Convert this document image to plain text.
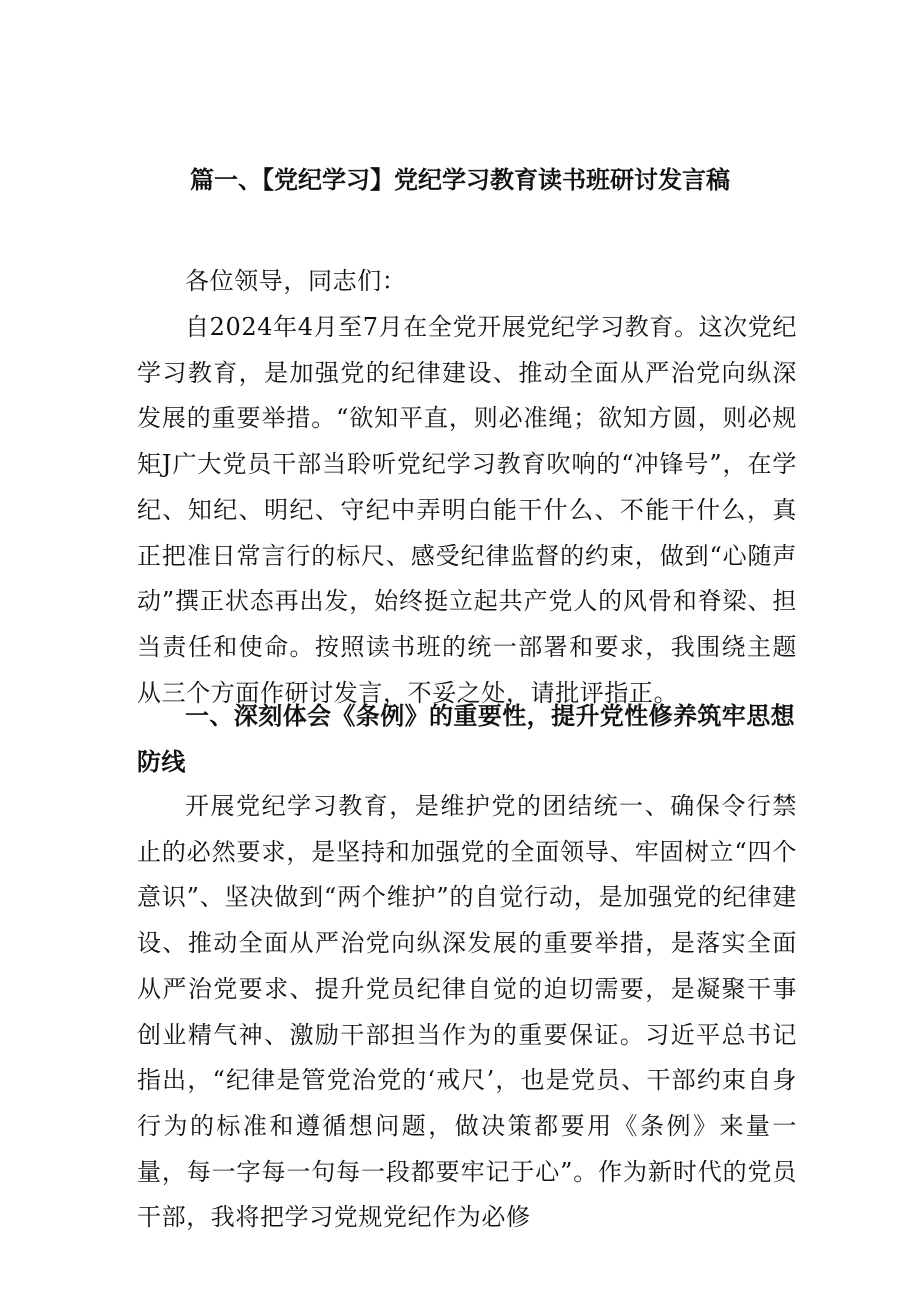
篇一、【党纪学习】党纪学习教育读书班研讨发言稿
各位领导，同志们：
自2024年4月至7月在全党开展党纪学习教育。这次党纪学习教育，是加强党的纪律建设、推动全面从严治党向纵深发展的重要举措。“欲知平直，则必准绳；欲知方圆，则必规矩J广大党员干部当聆听党纪学习教育吹响的“冲锋号”，在学纪、知纪、明纪、守纪中弄明白能干什么、不能干什么，真正把准日常言行的标尺、感受纪律监督的约束，做到“心随声动”撰正状态再出发，始终挺立起共产党人的风骨和脊梁、担当责任和使命。按照读书班的统一部署和要求，我围绕主题从三个方面作研讨发言，不妥之处，请批评指正。
一、深刻体会《条例》的重要性，提升党性修养筑牢思想防线
开展党纪学习教育，是维护党的团结统一、确保令行禁止的必然要求，是坚持和加强党的全面领导、牢固树立“四个意识”、坚决做到“两个维护”的自觉行动，是加强党的纪律建设、推动全面从严治党向纵深发展的重要举措，是落实全面从严治党要求、提升党员纪律自觉的迫切需要，是凝聚干事创业精气神、激励干部担当作为的重要保证。习近平总书记指出，“纪律是管党治党的‘戒尺’，也是党员、干部约束自身行为的标准和遵循想问题，做决策都要用《条例》来量一量，每一字每一句每一段都要牢记于心”。作为新时代的党员干部，我将把学习党规党纪作为必修
